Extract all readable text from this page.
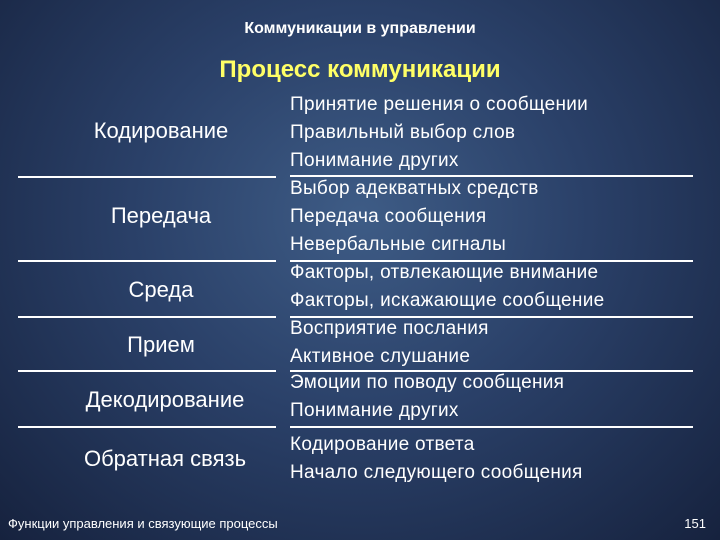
Коммуникации в управлении
Процесс коммуникации
Кодирование
Принятие решения о сообщении
Правильный выбор слов
Понимание других
Передача
Выбор адекватных средств
Передача сообщения
Невербальные сигналы
Среда
Факторы, отвлекающие внимание
Факторы, искажающие сообщение
Прием
Восприятие послания
Активное слушание
Декодирование
Эмоции по поводу сообщения
Понимание других
Обратная связь
Кодирование ответа
Начало следующего сообщения
Функции управления и связующие процессы	151
